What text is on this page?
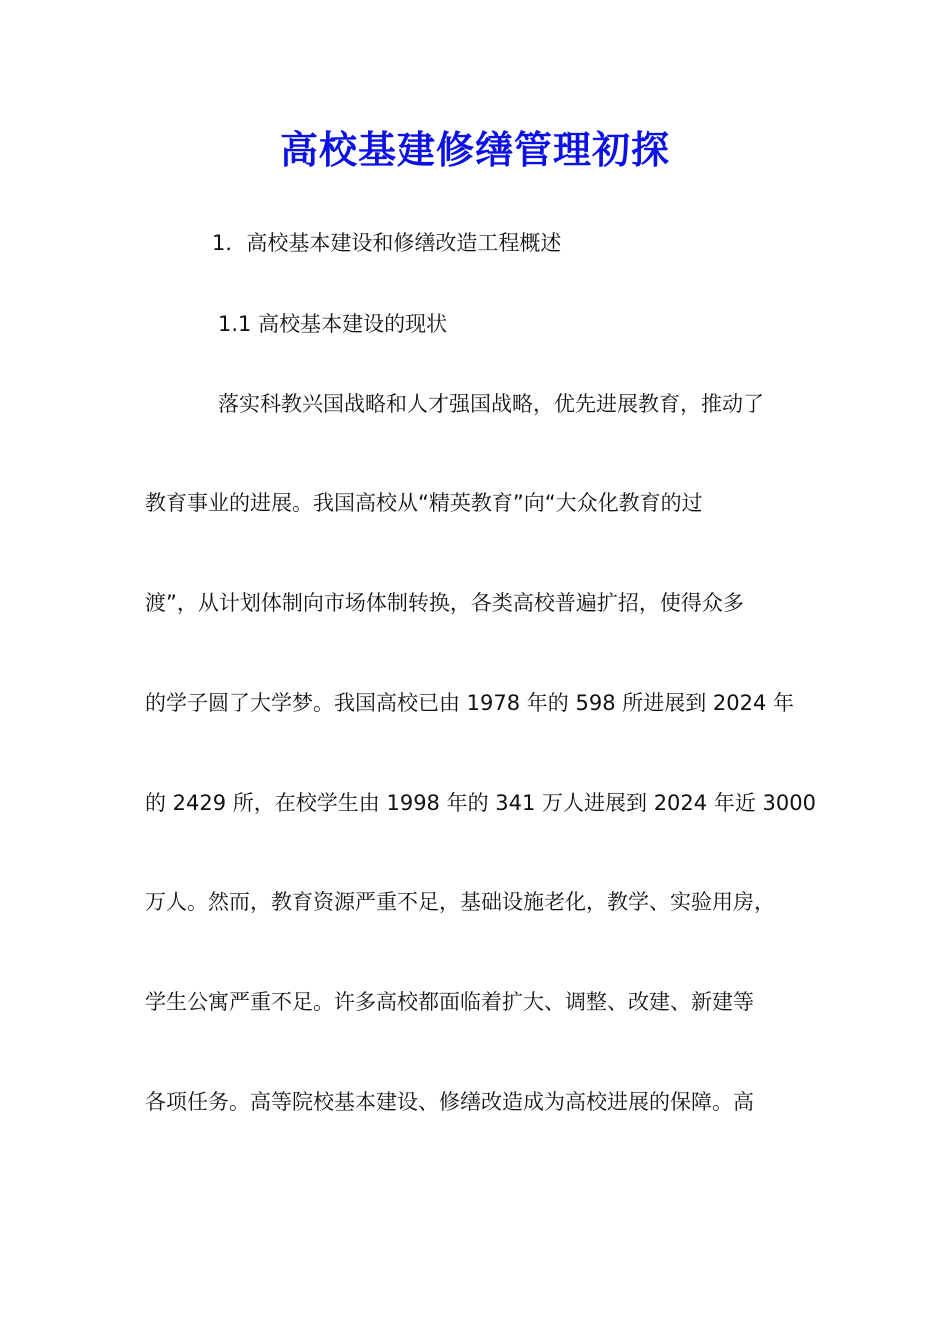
高校基建修缮管理初探
1．高校基本建设和修缮改造工程概述
1.1 高校基本建设的现状
落实科教兴国战略和人才强国战略，优先进展教育，推动了
教育事业的进展。我国高校从“精英教育”向“大众化教育的过
渡”，从计划体制向市场体制转换，各类高校普遍扩招，使得众多
的学子圆了大学梦。我国高校已由 1978 年的 598 所进展到 2024 年
的 2429 所，在校学生由 1998 年的 341 万人进展到 2024 年近 3000
万人。然而，教育资源严重不足，基础设施老化，教学、实验用房，
学生公寓严重不足。许多高校都面临着扩大、调整、改建、新建等
各项任务。高等院校基本建设、修缮改造成为高校进展的保障。高
